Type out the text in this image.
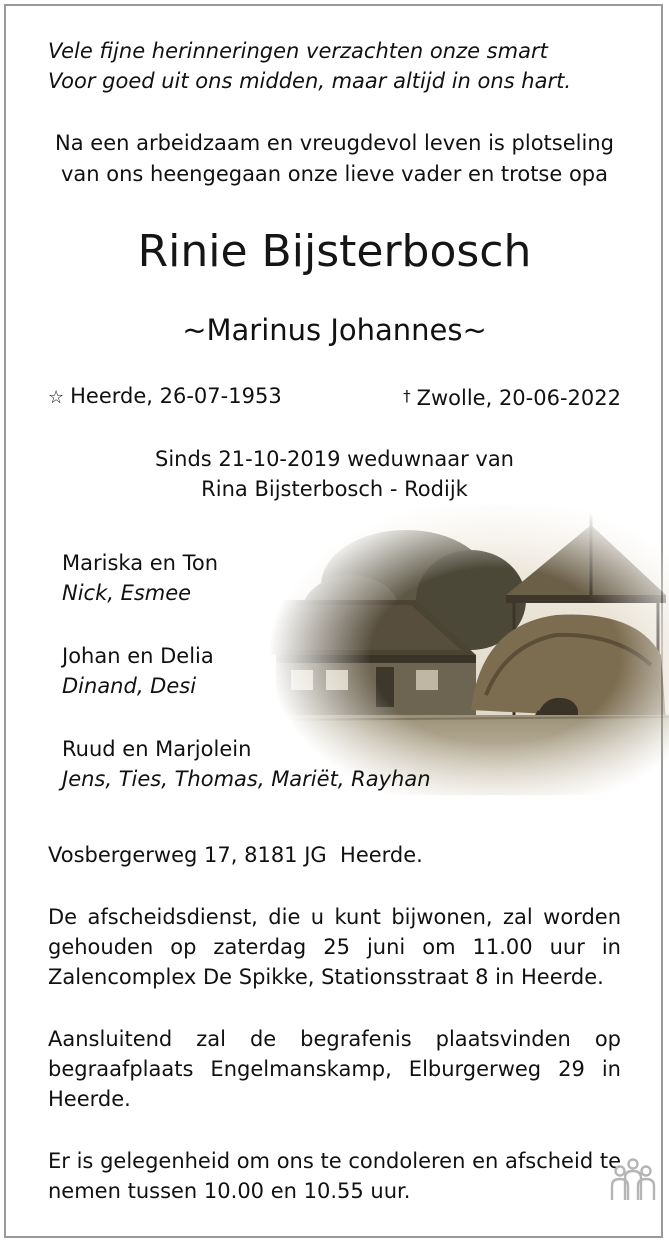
Vele fijne herinneringen verzachten onze smart
Voor goed uit ons midden, maar altijd in ons hart.
Na een arbeidzaam en vreugdevol leven is plotseling
van ons heengegaan onze lieve vader en trotse opa
Rinie Bijsterbosch
~Marinus Johannes~
☆ Heerde, 26-07-1953	† Zwolle, 20-06-2022
Sinds 21-10-2019 weduwnaar van
Rina Bijsterbosch - Rodijk
Mariska en Ton
Nick, Esmee
Johan en Delia
Dinand, Desi
Ruud en Marjolein
Jens, Ties, Thomas, Mariët, Rayhan
Vosbergerweg 17, 8181 JG  Heerde.
De afscheidsdienst, die u kunt bijwonen, zal worden gehouden op zaterdag 25 juni om 11.00 uur in Zalencomplex De Spikke, Stationsstraat 8 in Heerde.
Aansluitend zal de begrafenis plaatsvinden op begraafplaats Engelmanskamp, Elburgerweg 29 in Heerde.
Er is gelegenheid om ons te condoleren en afscheid te nemen tussen 10.00 en 10.55 uur.
